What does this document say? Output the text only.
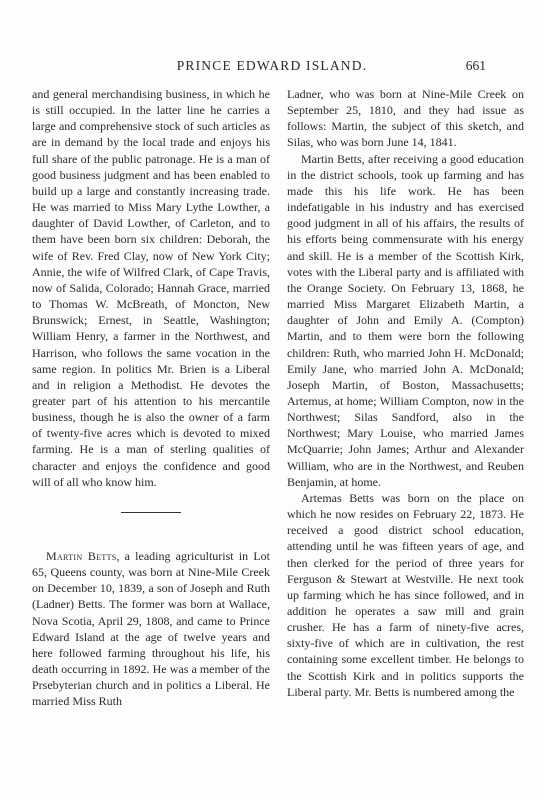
PRINCE EDWARD ISLAND.	661

and general merchandising business, in which he is still occupied. In the latter line he carries a large and comprehensive stock of such articles as are in demand by the local trade and enjoys his full share of the public patronage. He is a man of good business judgment and has been enabled to build up a large and constantly increasing trade. He was married to Miss Mary Lythe Lowther, a daughter of David Lowther, of Carleton, and to them have been born six children: Deborah, the wife of Rev. Fred Clay, now of New York City; Annie, the wife of Wilfred Clark, of Cape Travis, now of Salida, Colorado; Hannah Grace, married to Thomas W. McBreath, of Moncton, New Brunswick; Ernest, in Seattle, Washington; William Henry, a farmer in the Northwest, and Harrison, who follows the same vocation in the same region. In politics Mr. Brien is a Liberal and in religion a Methodist. He devotes the greater part of his attention to his mercantile business, though he is also the owner of a farm of twenty-five acres which is devoted to mixed farming. He is a man of sterling qualities of character and enjoys the confidence and good will of all who know him.

Martin Betts, a leading agriculturist in Lot 65, Queens county, was born at Nine-Mile Creek on December 10, 1839, a son of Joseph and Ruth (Ladner) Betts. The former was born at Wallace, Nova Scotia, April 29, 1808, and came to Prince Edward Island at the age of twelve years and here followed farming throughout his life, his death occurring in 1892. He was a member of the Prsebyterian church and in politics a Liberal. He married Miss Ruth

Ladner, who was born at Nine-Mile Creek on September 25, 1810, and they had issue as follows: Martin, the subject of this sketch, and Silas, who was born June 14, 1841.

Martin Betts, after receiving a good education in the district schools, took up farming and has made this his life work. He has been indefatigable in his industry and has exercised good judgment in all of his affairs, the results of his efforts being commensurate with his energy and skill. He is a member of the Scottish Kirk, votes with the Liberal party and is affiliated with the Orange Society. On February 13, 1868, he married Miss Margaret Elizabeth Martin, a daughter of John and Emily A. (Compton) Martin, and to them were born the following children: Ruth, who married John H. McDonald; Emily Jane, who married John A. McDonald; Joseph Martin, of Boston, Massachusetts; Artemus, at home; William Compton, now in the Northwest; Silas Sandford, also in the Northwest; Mary Louise, who married James McQuarrie; John James; Arthur and Alexander William, who are in the Northwest, and Reuben Benjamin, at home.

Artemas Betts was born on the place on which he now resides on February 22, 1873. He received a good district school education, attending until he was fifteen years of age, and then clerked for the period of three years for Ferguson & Stewart at Westville. He next took up farming which he has since followed, and in addition he operates a saw mill and grain crusher. He has a farm of ninety-five acres, sixty-five of which are in cultivation, the rest containing some excellent timber. He belongs to the Scottish Kirk and in politics supports the Liberal party. Mr. Betts is numbered among the
